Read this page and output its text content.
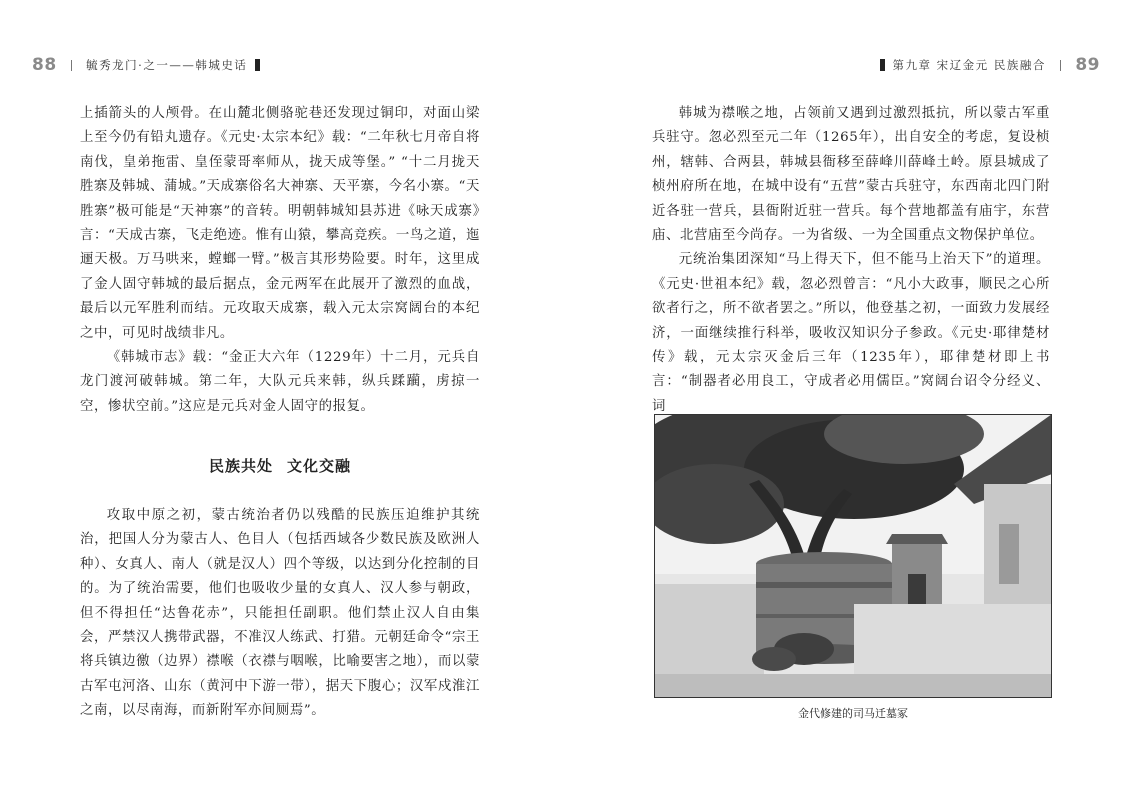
88	毓秀龙门·之一——韩城史话

上插箭头的人颅骨。在山麓北侧骆驼巷还发现过铜印，对面山梁上至今仍有铅丸遗存。《元史·太宗本纪》载：“二年秋七月帝自将南伐，皇弟拖雷、皇侄蒙哥率师从，拢天成等堡。” “十二月拢天胜寨及韩城、蒲城。”天成寨俗名大神寨、天平寨，今名小寨。“天胜寨”极可能是“天神寨”的音转。明朝韩城知县苏进《咏天成寨》言：“天成古寨，飞走绝迹。惟有山猿，攀高竞疾。一鸟之道，迤逦天极。万马哄来，螳螂一臂。”极言其形势险要。时年，这里成了金人固守韩城的最后据点，金元两军在此展开了激烈的血战，最后以元军胜利而结。元攻取天成寨，载入元太宗窝阔台的本纪之中，可见时战绩非凡。

《韩城市志》载：“金正大六年（1229年）十二月，元兵自龙门渡河破韩城。第二年，大队元兵来韩，纵兵蹂躏，虏掠一空，惨状空前。”这应是元兵对金人固守的报复。

民族共处 文化交融

攻取中原之初，蒙古统治者仍以残酷的民族压迫维护其统治，把国人分为蒙古人、色目人（包括西域各少数民族及欧洲人种）、女真人、南人（就是汉人）四个等级，以达到分化控制的目的。为了统治需要，他们也吸收少量的女真人、汉人参与朝政，但不得担任“达鲁花赤”，只能担任副职。他们禁止汉人自由集会，严禁汉人携带武器，不准汉人练武、打猎。元朝廷命令“宗王将兵镇边徼（边界）襟喉（衣襟与咽喉，比喻要害之地），而以蒙古军屯河洛、山东（黄河中下游一带），据天下腹心；汉军戍淮江之南，以尽南海，而新附军亦间厕焉”。

第九章 宋辽金元 民族融合 89

韩城为襟喉之地，占领前又遇到过激烈抵抗，所以蒙古军重兵驻守。忽必烈至元二年（1265年），出自安全的考虑，复设桢州，辖韩、合两县，韩城县衙移至薛峰川薛峰土岭。原县城成了桢州府所在地，在城中设有“五营”蒙古兵驻守，东西南北四门附近各驻一营兵，县衙附近驻一营兵。每个营地都盖有庙宇，东营庙、北营庙至今尚存。一为省级、一为全国重点文物保护单位。

元统治集团深知“马上得天下，但不能马上治天下”的道理。《元史·世祖本纪》载，忽必烈曾言：“凡小大政事，顺民之心所欲者行之，所不欲者罢之。”所以，他登基之初，一面致力发展经济，一面继续推行科举，吸收汉知识分子参政。《元史·耶律楚材传》载，元太宗灭金后三年（1235年），耶律楚材即上书言：“制器者必用良工，守成者必用儒臣。”窝阔台诏令分经义、词

金代修建的司马迁墓冢
